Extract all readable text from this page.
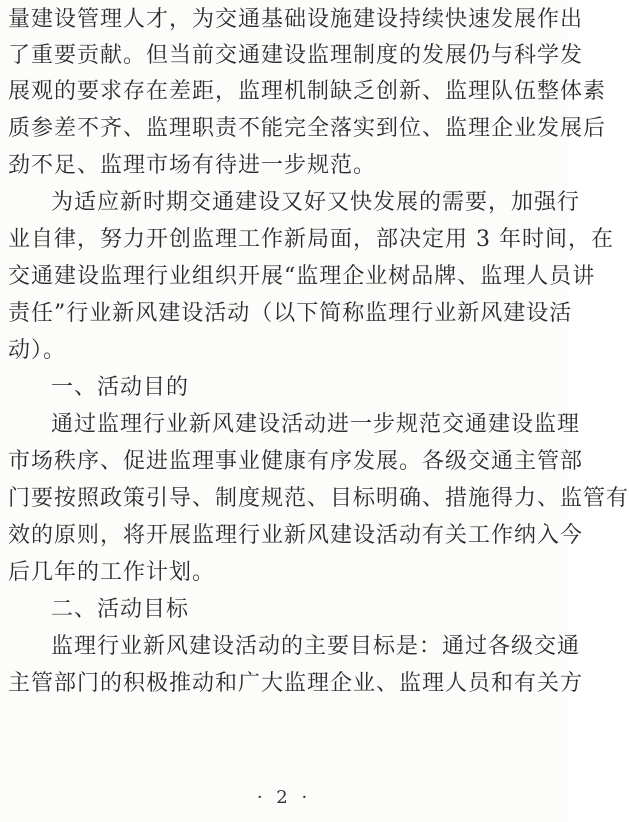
量建设管理人才，为交通基础设施建设持续快速发展作出
了重要贡献。但当前交通建设监理制度的发展仍与科学发
展观的要求存在差距，监理机制缺乏创新、监理队伍整体素
质参差不齐、监理职责不能完全落实到位、监理企业发展后
劲不足、监理市场有待进一步规范。
为适应新时期交通建设又好又快发展的需要，加强行
业自律，努力开创监理工作新局面，部决定用 3 年时间，在
交通建设监理行业组织开展“监理企业树品牌、监理人员讲
责任”行业新风建设活动（以下简称监理行业新风建设活
动）。
一、活动目的
通过监理行业新风建设活动进一步规范交通建设监理
市场秩序、促进监理事业健康有序发展。各级交通主管部
门要按照政策引导、制度规范、目标明确、措施得力、监管有
效的原则，将开展监理行业新风建设活动有关工作纳入今
后几年的工作计划。
二、活动目标
监理行业新风建设活动的主要目标是：通过各级交通
主管部门的积极推动和广大监理企业、监理人员和有关方
· 2 ·
